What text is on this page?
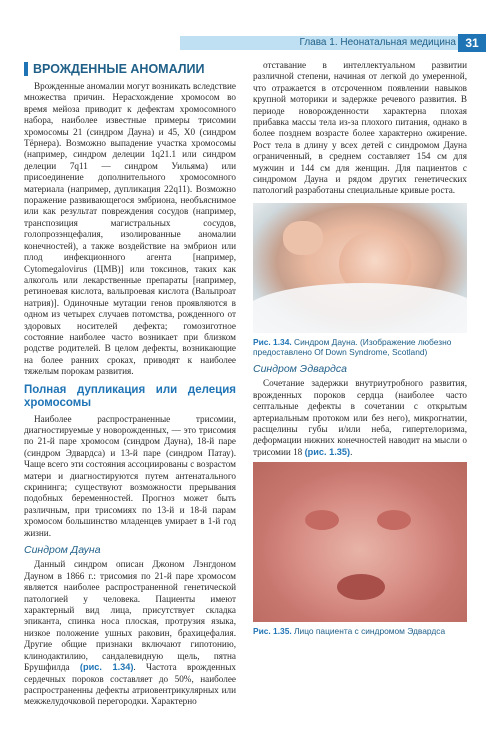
Глава 1. Неонатальная медицина 31
ВРОЖДЕННЫЕ АНОМАЛИИ

Врожденные аномалии могут возникать вследствие множества причин. Нерасхождение хромосом во время мейоза приводит к дефектам хромосомного набора, наиболее известные примеры трисомии хромосомы 21 (синдром Дауна) и 45, X0 (синдром Тёрнера). Возможно выпадение участка хромосомы (например, синдром делеции 1q21.1 или синдром делеции 7q11 — синдром Уильяма) или присоединение дополнительного хромосомного материала (например, дупликация 22q11). Возможно поражение развивающегося эмбриона, необъяснимое или как результат повреждения сосудов (например, транспозиция магистральных сосудов, голопрозэнцефалия, изолированные аномалии конечностей), а также воздействие на эмбрион или плод инфекционного агента [например, Cytomegalovirus (ЦМВ)] или токсинов, таких как алкоголь или лекарственные препараты [например, ретиноевая кислота, вальпроевая кислота (Вальпроат натрия)]. Одиночные мутации генов проявляются в одном из четырех случаев потомства, рожденного от здоровых носителей дефекта; гомозиготное состояние наиболее часто возникает при близком родстве родителей. В целом дефекты, возникающие на более ранних сроках, приводят к наиболее тяжелым порокам развития.

Полная дупликация или делеция хромосомы

Наиболее распространенные трисомии, диагностируемые у новорожденных, — это трисомия по 21-й паре хромосом (синдром Дауна), 18-й паре (синдром Эдвардса) и 13-й паре (синдром Патау). Чаще всего эти состояния ассоциированы с возрастом матери и диагностируются путем антенатального скрининга; существуют возможности прерывания подобных беременностей. Прогноз может быть различным, при трисомиях по 13-й и 18-й парам хромосом большинство младенцев умирает в 1-й год жизни.

Синдром Дауна

Данный синдром описан Джоном Лэнгдоном Дауном в 1866 г.: трисомия по 21-й паре хромосом является наиболее распространенной генетической патологией у человека. Пациенты имеют характерный вид лица, присутствует складка эпиканта, спинка носа плоская, протрузия языка, низкое положение ушных раковин, брахицефалия. Другие общие признаки включают гипотонию, клинодактилию, сандалевидную щель, пятна Брушфилда (рис. 1.34). Частота врожденных сердечных пороков составляет до 50%, наиболее распространенны дефекты атриовентрикулярных или межжелудочковой перегородки. Характерно

отставание в интеллектуальном развитии различной степени, начиная от легкой до умеренной, что отражается в отсроченном появлении навыков крупной моторики и задержке речевого развития. В периоде новорожденности характерна плохая прибавка массы тела из-за плохого питания, однако в более позднем возрасте более характерно ожирение. Рост тела в длину у всех детей с синдромом Дауна ограниченный, в среднем составляет 154 см для мужчин и 144 см для женщин. Для пациентов с синдромом Дауна и рядом других генетических патологий разработаны специальные кривые роста.

Рис. 1.34. Синдром Дауна. (Изображение любезно предоставлено Of Down Syndrome, Scotland)
Синдром Эдвардса

Сочетание задержки внутриутробного развития, врожденных пороков сердца (наиболее часто септальные дефекты в сочетании с открытым артериальным протоком или без него), микрогнатии, расщелины губы и/или неба, гипертелоризма, деформации нижних конечностей наводит на мысли о трисомии 18 (рис. 1.35).

Рис. 1.35. Лицо пациента с синдромом Эдвардса
